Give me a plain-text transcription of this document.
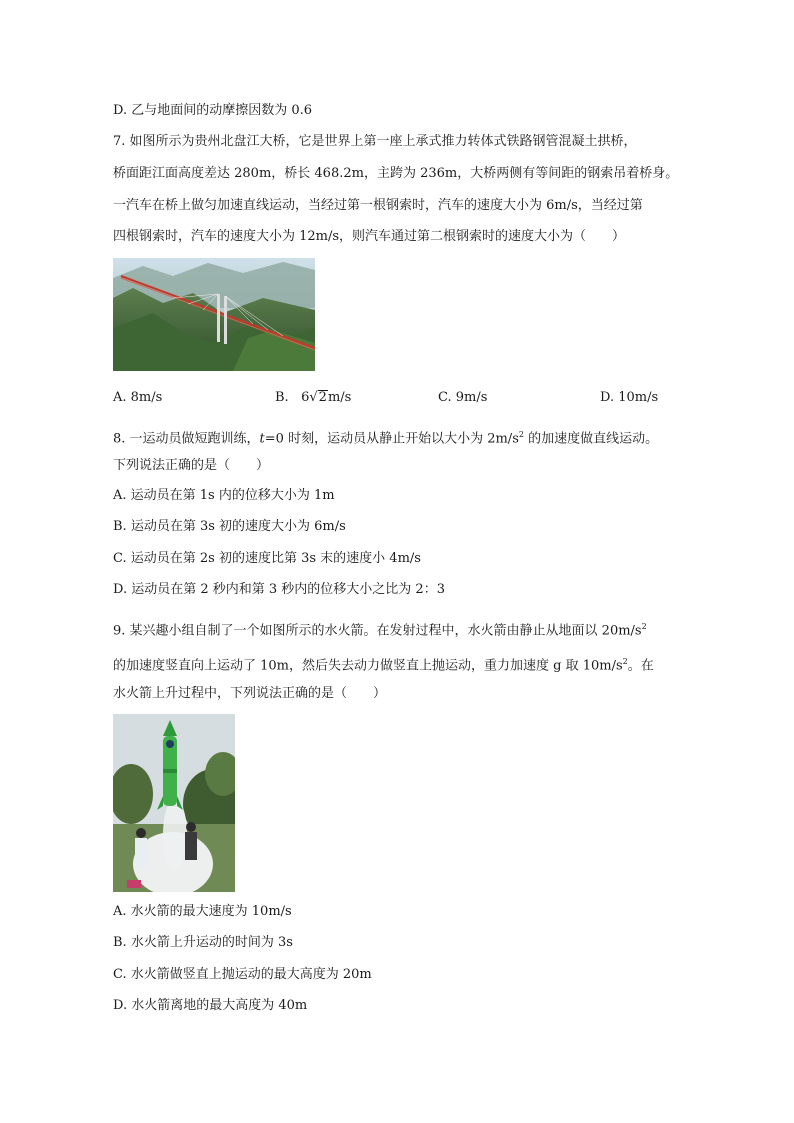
D. 乙与地面间的动摩擦因数为 0.6
7. 如图所示为贵州北盘江大桥，它是世界上第一座上承式推力转体式铁路钢管混凝土拱桥，
桥面距江面高度差达 280m，桥长 468.2m，主跨为 236m，大桥两侧有等间距的钢索吊着桥身。
一汽车在桥上做匀加速直线运动，当经过第一根钢索时，汽车的速度大小为 6m/s，当经过第
四根钢索时，汽车的速度大小为 12m/s，则汽车通过第二根钢索时的速度大小为（　　）
A. 8m/s	B. 6√2m/s	C. 9m/s	D. 10m/s
8. 一运动员做短跑训练，t=0 时刻，运动员从静止开始以大小为 $2m/s^2$ 的加速度做直线运动。
下列说法正确的是（　　）
A. 运动员在第 1s 内的位移大小为 1m
B. 运动员在第 3s 初的速度大小为 6m/s
C. 运动员在第 2s 初的速度比第 3s 末的速度小 4m/s
D. 运动员在第 2 秒内和第 3 秒内的位移大小之比为 2：3
9. 某兴趣小组自制了一个如图所示的水火箭。在发射过程中，水火箭由静止从地面以 $20m/s^2$
的加速度竖直向上运动了 10m，然后失去动力做竖直上抛运动，重力加速度 g 取 $10m/s^2$。在
水火箭上升过程中，下列说法正确的是（　　）
A. 水火箭的最大速度为 10m/s
B. 水火箭上升运动的时间为 3s
C. 水火箭做竖直上抛运动的最大高度为 20m
D. 水火箭离地的最大高度为 40m
